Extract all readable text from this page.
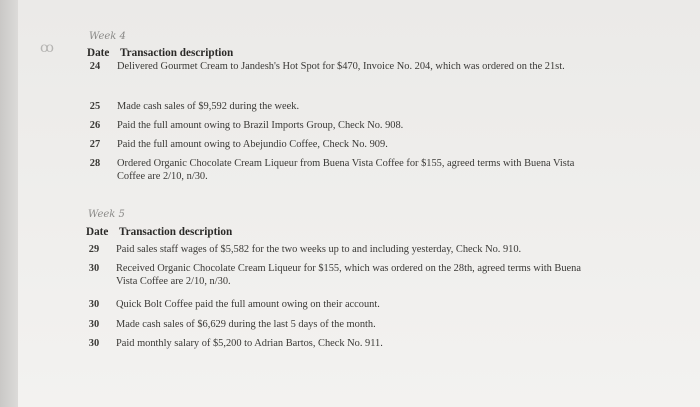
ꝏ
Week 4
Date Transaction description
24	Delivered Gourmet Cream to Jandesh's Hot Spot for $470, Invoice No. 204, which was ordered on the 21st.
25	Made cash sales of $9,592 during the week.
26	Paid the full amount owing to Brazil Imports Group, Check No. 908.
27	Paid the full amount owing to Abejundio Coffee, Check No. 909.
28	Ordered Organic Chocolate Cream Liqueur from Buena Vista Coffee for $155, agreed terms with Buena Vista Coffee are 2/10, n/30.
Week 5
Date Transaction description
29	Paid sales staff wages of $5,582 for the two weeks up to and including yesterday, Check No. 910.
30	Received Organic Chocolate Cream Liqueur for $155, which was ordered on the 28th, agreed terms with Buena Vista Coffee are 2/10, n/30.
30	Quick Bolt Coffee paid the full amount owing on their account.
30	Made cash sales of $6,629 during the last 5 days of the month.
30	Paid monthly salary of $5,200 to Adrian Bartos, Check No. 911.
